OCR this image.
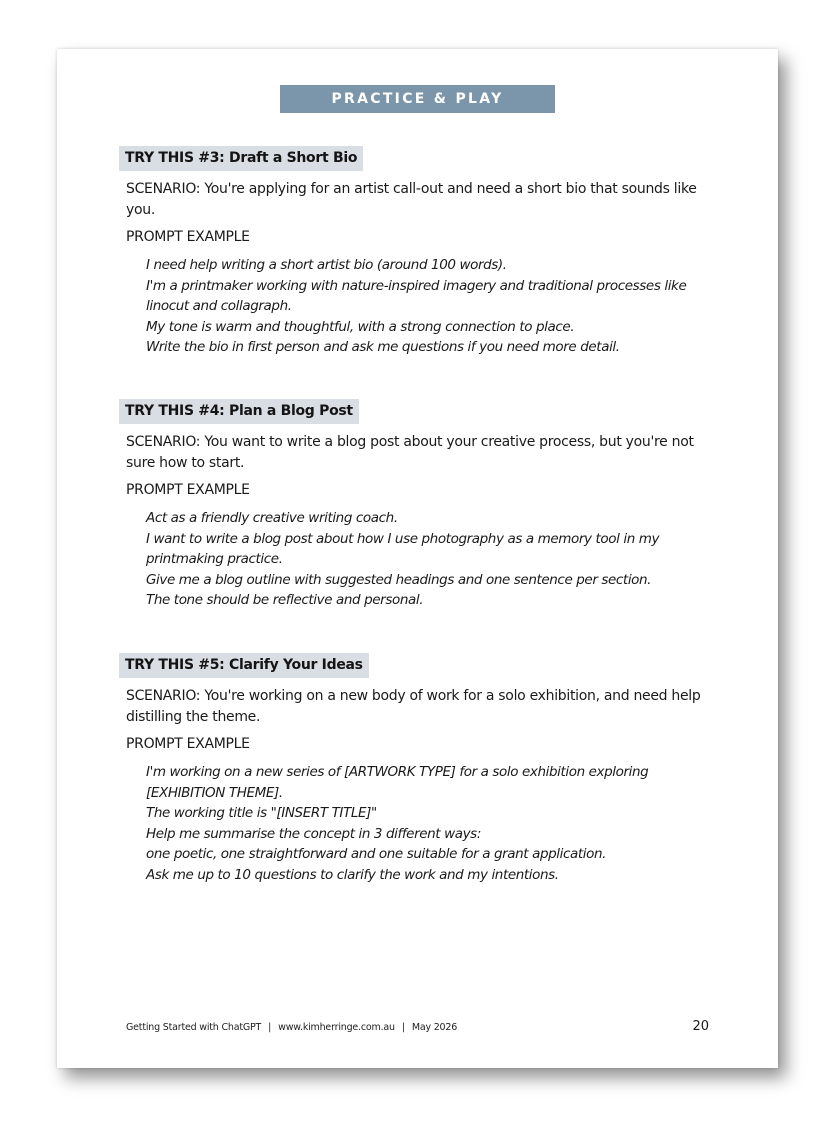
PRACTICE & PLAY
TRY THIS #3: Draft a Short Bio
SCENARIO: You're applying for an artist call-out and need a short bio that sounds like you.
PROMPT EXAMPLE
I need help writing a short artist bio (around 100 words).
I'm a printmaker working with nature-inspired imagery and traditional processes like linocut and collagraph.
My tone is warm and thoughtful, with a strong connection to place.
Write the bio in first person and ask me questions if you need more detail.
TRY THIS #4: Plan a Blog Post
SCENARIO: You want to write a blog post about your creative process, but you're not sure how to start.
PROMPT EXAMPLE
Act as a friendly creative writing coach.
I want to write a blog post about how I use photography as a memory tool in my printmaking practice.
Give me a blog outline with suggested headings and one sentence per section.
The tone should be reflective and personal.
TRY THIS #5: Clarify Your Ideas
SCENARIO: You're working on a new body of work for a solo exhibition, and need help distilling the theme.
PROMPT EXAMPLE
I'm working on a new series of [ARTWORK TYPE] for a solo exhibition exploring [EXHIBITION THEME].
The working title is "[INSERT TITLE]"
Help me summarise the concept in 3 different ways:
one poetic, one straightforward and one suitable for a grant application.
Ask me up to 10 questions to clarify the work and my intentions.
Getting Started with ChatGPT | www.kimherringe.com.au | May 2026	20
